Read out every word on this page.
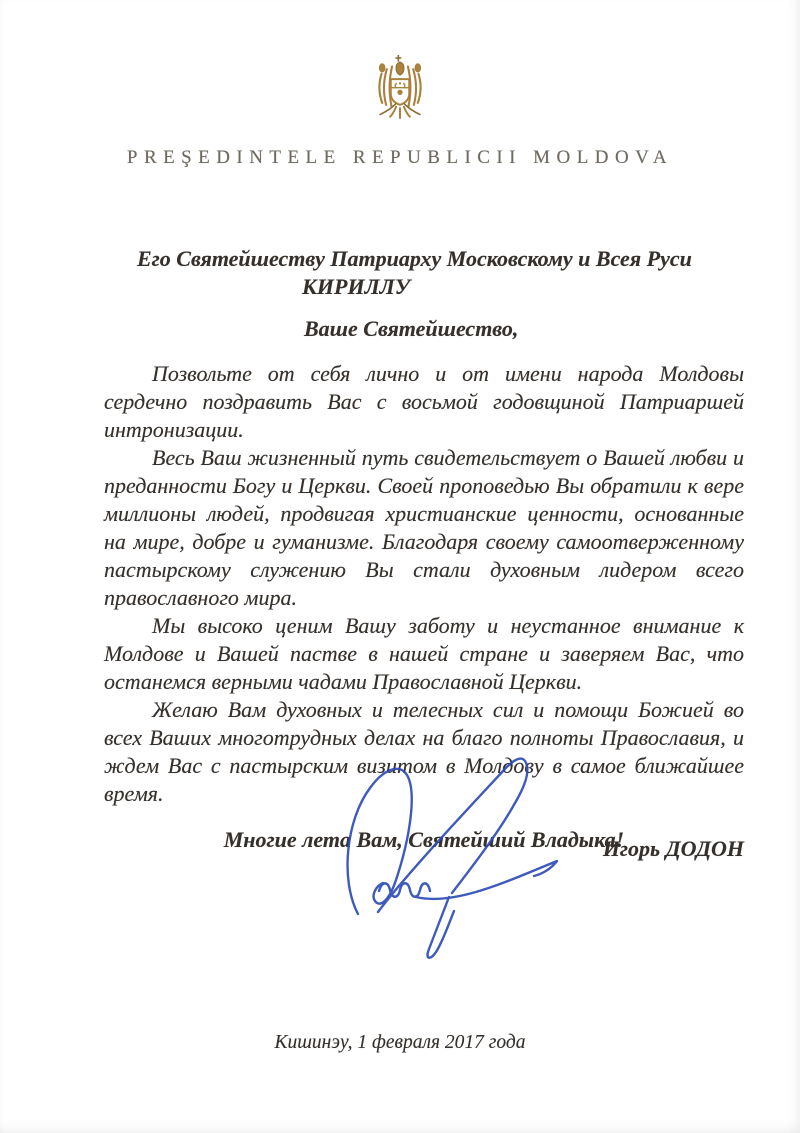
PREŞEDINTELE REPUBLICII MOLDOVA
Его Святейшеству Патриарху Московскому и Всея Руси
КИРИЛЛУ
Ваше Святейшество,

Позвольте от себя лично и от имени народа Молдовы сердечно поздравить Вас с восьмой годовщиной Патриаршей интронизации.

Весь Ваш жизненный путь свидетельствует о Вашей любви и преданности Богу и Церкви. Своей проповедью Вы обратили к вере миллионы людей, продвигая христианские ценности, основанные на мире, добре и гуманизме. Благодаря своему самоотверженному пастырскому служению Вы стали духовным лидером всего православного мира.

Мы высоко ценим Вашу заботу и неустанное внимание к Молдове и Вашей пастве в нашей стране и заверяем Вас, что останемся верными чадами Православной Церкви.

Желаю Вам духовных и телесных сил и помощи Божией во всех Ваших многотрудных делах на благо полноты Православия, и ждем Вас с пастырским визитом в Молдову в самое ближайшее время.

Многие лета Вам, Святейший Владыка!
Игорь ДОДОН
Кишинэу, 1 февраля 2017 года
